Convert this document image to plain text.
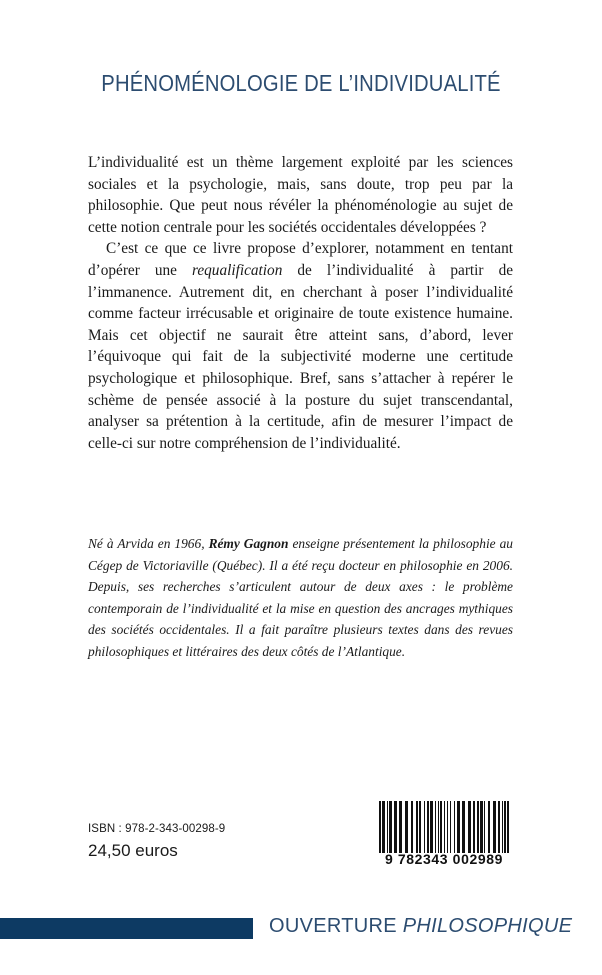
PHÉNOMÉNOLOGIE DE L’INDIVIDUALITÉ

L’individualité est un thème largement exploité par les sciences sociales et la psychologie, mais, sans doute, trop peu par la philosophie. Que peut nous révéler la phénoménologie au sujet de cette notion centrale pour les sociétés occidentales développées ?

C’est ce que ce livre propose d’explorer, notamment en tentant d’opérer une requalification de l’individualité à partir de l’immanence. Autrement dit, en cherchant à poser l’individualité comme facteur irrécusable et originaire de toute existence humaine. Mais cet objectif ne saurait être atteint sans, d’abord, lever l’équivoque qui fait de la subjectivité moderne une certitude psychologique et philosophique. Bref, sans s’attacher à repérer le schème de pensée associé à la posture du sujet transcendantal, analyser sa prétention à la certitude, afin de mesurer l’impact de celle-ci sur notre compréhension de l’individualité.

Né à Arvida en 1966, Rémy Gagnon enseigne présentement la philosophie au Cégep de Victoriaville (Québec). Il a été reçu docteur en philosophie en 2006. Depuis, ses recherches s’articulent autour de deux axes : le problème contemporain de l’individualité et la mise en question des ancrages mythiques des sociétés occidentales. Il a fait paraître plusieurs textes dans des revues philosophiques et littéraires des deux côtés de l’Atlantique.

ISBN : 978-2-343-00298-9

24,50 euros	9 782343 002989
OUVERTURE PHILOSOPHIQUE
